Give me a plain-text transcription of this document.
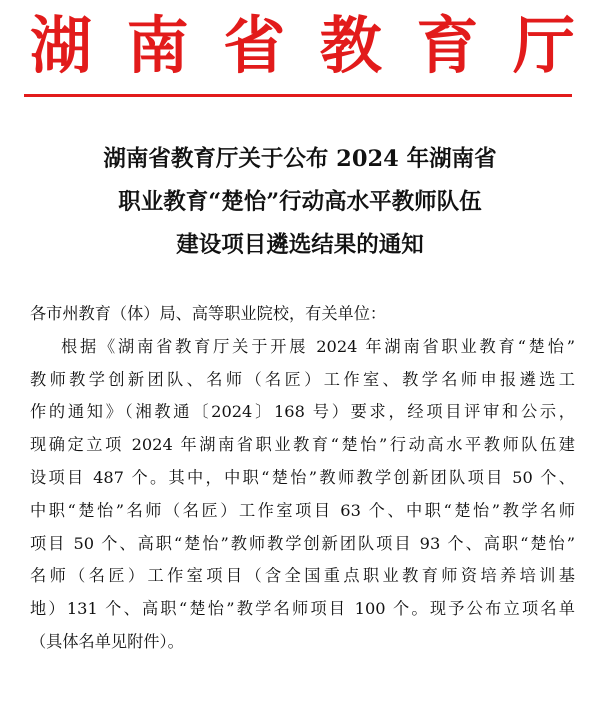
湖 南 省 教 育 厅
湖南省教育厅关于公布 2024 年湖南省
职业教育“楚怡”行动高水平教师队伍
建设项目遴选结果的通知

各市州教育（体）局、高等职业院校，有关单位：

根据《湖南省教育厅关于开展 2024 年湖南省职业教育“楚怡”
教师教学创新团队、名师（名匠）工作室、教学名师申报遴选工
作的通知》（湘教通〔2024〕168 号）要求，经项目评审和公示，
现确定立项 2024 年湖南省职业教育“楚怡”行动高水平教师队伍建
设项目 487 个。其中，中职“楚怡”教师教学创新团队项目 50 个、
中职“楚怡”名师（名匠）工作室项目 63 个、中职“楚怡”教学名师
项目 50 个、高职“楚怡”教师教学创新团队项目 93 个、高职“楚怡”
名师（名匠）工作室项目（含全国重点职业教育师资培养培训基
地）131 个、高职“楚怡”教学名师项目 100 个。现予公布立项名单
（具体名单见附件）。
